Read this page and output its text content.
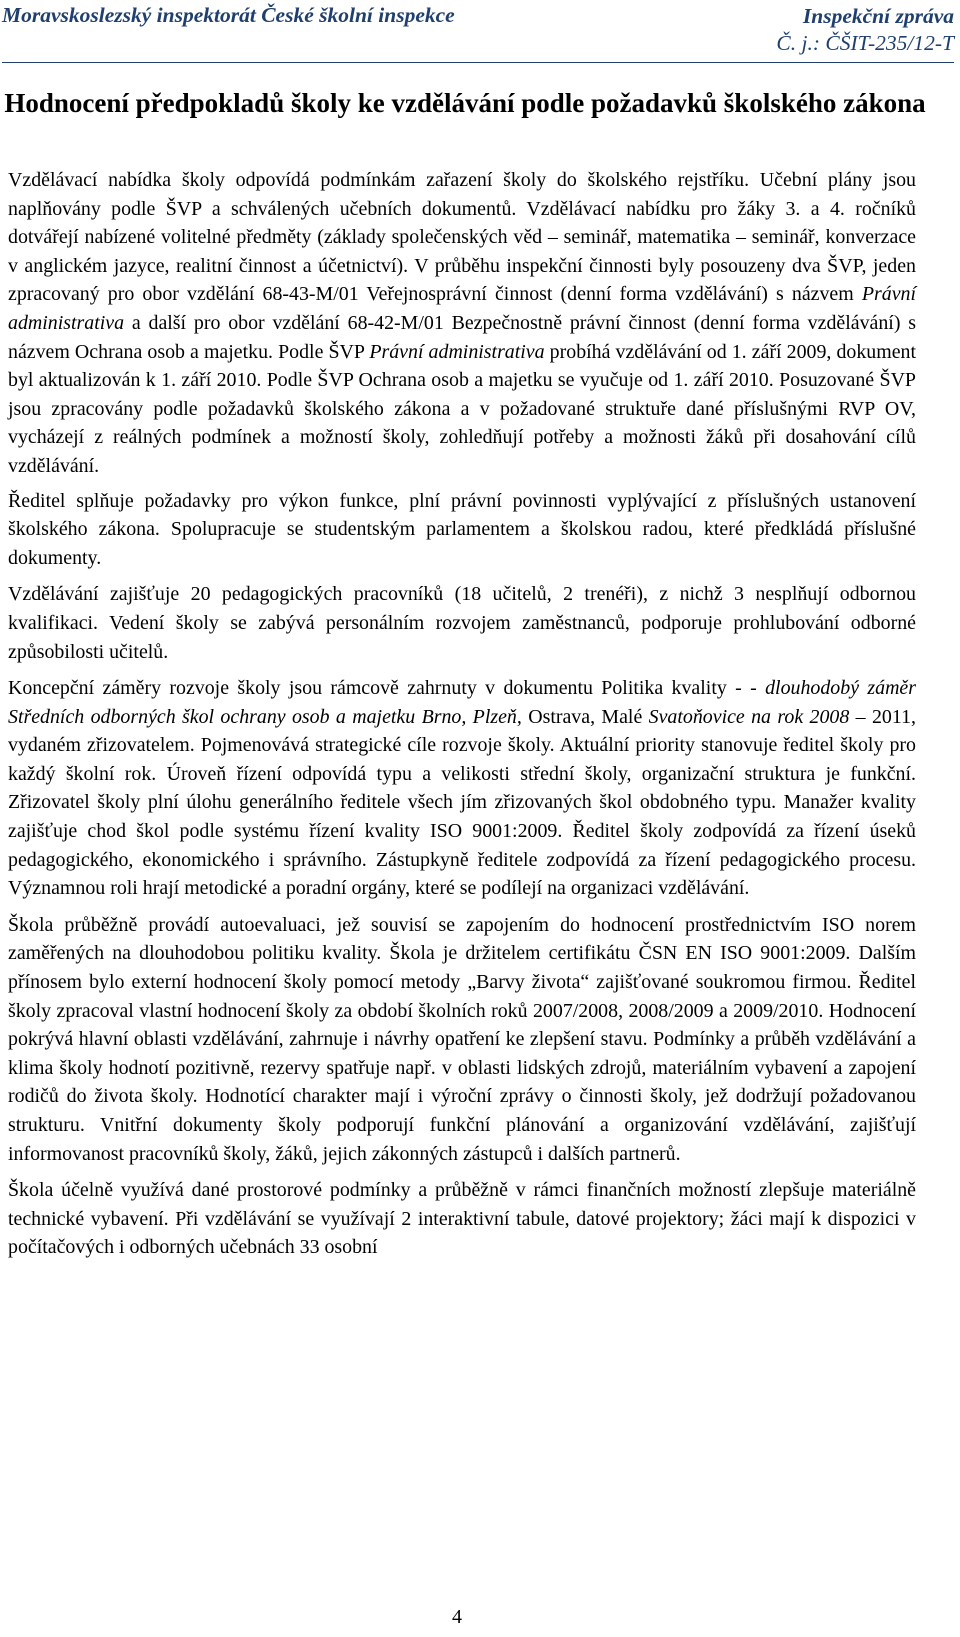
Moravskoslezský inspektorát České školní inspekce	Inspekční zpráva
Č. j.: ČŠIT-235/12-T
Hodnocení předpokladů školy ke vzdělávání podle požadavků školského zákona

Vzdělávací nabídka školy odpovídá podmínkám zařazení školy do školského rejstříku. Učební plány jsou naplňovány podle ŠVP a schválených učebních dokumentů. Vzdělávací nabídku pro žáky 3. a 4. ročníků dotvářejí nabízené volitelné předměty (základy společenských věd – seminář, matematika – seminář, konverzace v anglickém jazyce, realitní činnost a účetnictví). V průběhu inspekční činnosti byly posouzeny dva ŠVP, jeden zpracovaný pro obor vzdělání 68-43-M/01 Veřejnosprávní činnost (denní forma vzdělávání) s názvem Právní administrativa a další pro obor vzdělání 68-42-M/01 Bezpečnostně právní činnost (denní forma vzdělávání) s názvem Ochrana osob a majetku. Podle ŠVP Právní administrativa probíhá vzdělávání od 1. září 2009, dokument byl aktualizován k 1. září 2010. Podle ŠVP Ochrana osob a majetku se vyučuje od 1. září 2010. Posuzované ŠVP jsou zpracovány podle požadavků školského zákona a v požadované struktuře dané příslušnými RVP OV, vycházejí z reálných podmínek a možností školy, zohledňují potřeby a možnosti žáků při dosahování cílů vzdělávání.

Ředitel splňuje požadavky pro výkon funkce, plní právní povinnosti vyplývající z příslušných ustanovení školského zákona. Spolupracuje se studentským parlamentem a školskou radou, které předkládá příslušné dokumenty.

Vzdělávání zajišťuje 20 pedagogických pracovníků (18 učitelů, 2 trenéři), z nichž 3 nesplňují odbornou kvalifikaci. Vedení školy se zabývá personálním rozvojem zaměstnanců, podporuje prohlubování odborné způsobilosti učitelů.

Koncepční záměry rozvoje školy jsou rámcově zahrnuty v dokumentu Politika kvality - - dlouhodobý záměr Středních odborných škol ochrany osob a majetku Brno, Plzeň, Ostrava, Malé Svatoňovice na rok 2008 – 2011, vydaném zřizovatelem. Pojmenovává strategické cíle rozvoje školy. Aktuální priority stanovuje ředitel školy pro každý školní rok. Úroveň řízení odpovídá typu a velikosti střední školy, organizační struktura je funkční. Zřizovatel školy plní úlohu generálního ředitele všech jím zřizovaných škol obdobného typu. Manažer kvality zajišťuje chod škol podle systému řízení kvality ISO 9001:2009. Ředitel školy zodpovídá za řízení úseků pedagogického, ekonomického i správního. Zástupkyně ředitele zodpovídá za řízení pedagogického procesu. Významnou roli hrají metodické a poradní orgány, které se podílejí na organizaci vzdělávání.

Škola průběžně provádí autoevaluaci, jež souvisí se zapojením do hodnocení prostřednictvím ISO norem zaměřených na dlouhodobou politiku kvality. Škola je držitelem certifikátu ČSN EN ISO 9001:2009. Dalším přínosem bylo externí hodnocení školy pomocí metody „Barvy života“ zajišťované soukromou firmou. Ředitel školy zpracoval vlastní hodnocení školy za období školních roků 2007/2008, 2008/2009 a 2009/2010. Hodnocení pokrývá hlavní oblasti vzdělávání, zahrnuje i návrhy opatření ke zlepšení stavu. Podmínky a průběh vzdělávání a klima školy hodnotí pozitivně, rezervy spatřuje např. v oblasti lidských zdrojů, materiálním vybavení a zapojení rodičů do života školy. Hodnotící charakter mají i výroční zprávy o činnosti školy, jež dodržují požadovanou strukturu. Vnitřní dokumenty školy podporují funkční plánování a organizování vzdělávání, zajišťují informovanost pracovníků školy, žáků, jejich zákonných zástupců i dalších partnerů.

Škola účelně využívá dané prostorové podmínky a průběžně v rámci finančních možností zlepšuje materiálně technické vybavení. Při vzdělávání se využívají 2 interaktivní tabule, datové projektory; žáci mají k dispozici v počítačových i odborných učebnách 33 osobní

4
